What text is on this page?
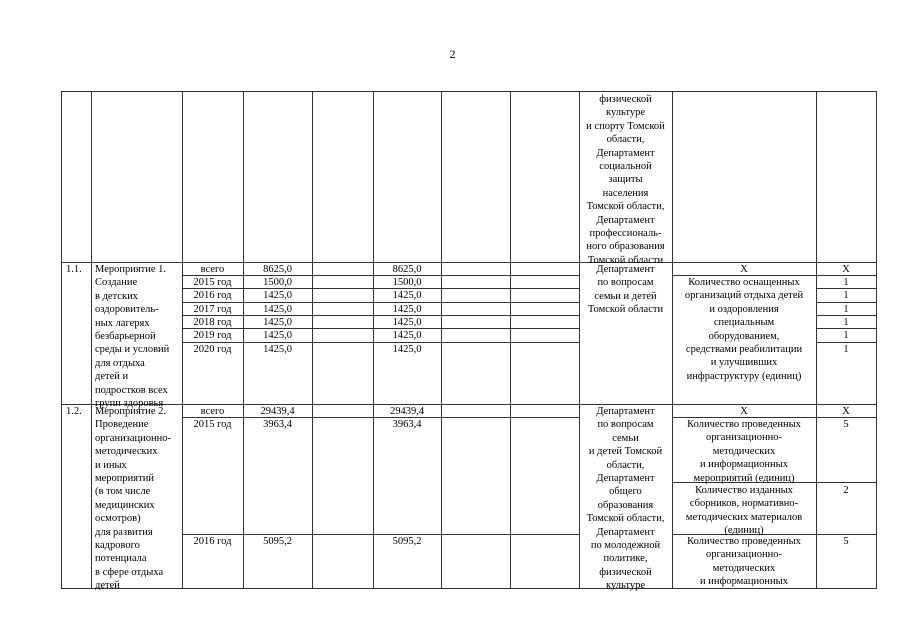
2
физической
культуре
и спорту Томской
области,
Департамент
социальной
защиты
населения
Томской области,
Департамент
профессиональ-
ного образования
Томской области
1.1. Мероприятие 1.
Создание
в детских
оздоровитель-
ных лагерях
безбарьерной
среды и условий
для отдыха
детей и
подростков всех
групп здоровья
всего
2015 год
2016 год
2017 год
2018 год
2019 год
2020 год
8625,0
1500,0
1425,0
1425,0
1425,0
1425,0
1425,0
8625,0
1500,0
1425,0
1425,0
1425,0
1425,0
1425,0
Департамент
по вопросам
семьи и детей
Томской области
Х
Количество оснащенных
организаций отдыха детей
и оздоровления
специальным
оборудованием,
средствами реабилитации
и улучшивших
инфраструктуру (единиц)
Х
1
1
1
1
1
1
1.2. Мероприятие 2.
Проведение
организационно-
методических
и иных
мероприятий
(в том числе
медицинских
осмотров)
для развития
кадрового
потенциала
в сфере отдыха
детей
всего
2015 год
2016 год
29439,4
3963,4
5095,2
29439,4
3963,4
5095,2
Департамент
по вопросам
семьи
и детей Томской
области,
Департамент
общего
образования
Томской области,
Департамент
по молодежной
политике,
физической
культуре
Х
Количество проведенных
организационно-
методических
и информационных
мероприятий (единиц)
Количество изданных
сборников, нормативно-
методических материалов
(единиц)
Количество проведенных
организационно-
методических
и информационных
Х
5
2
5
